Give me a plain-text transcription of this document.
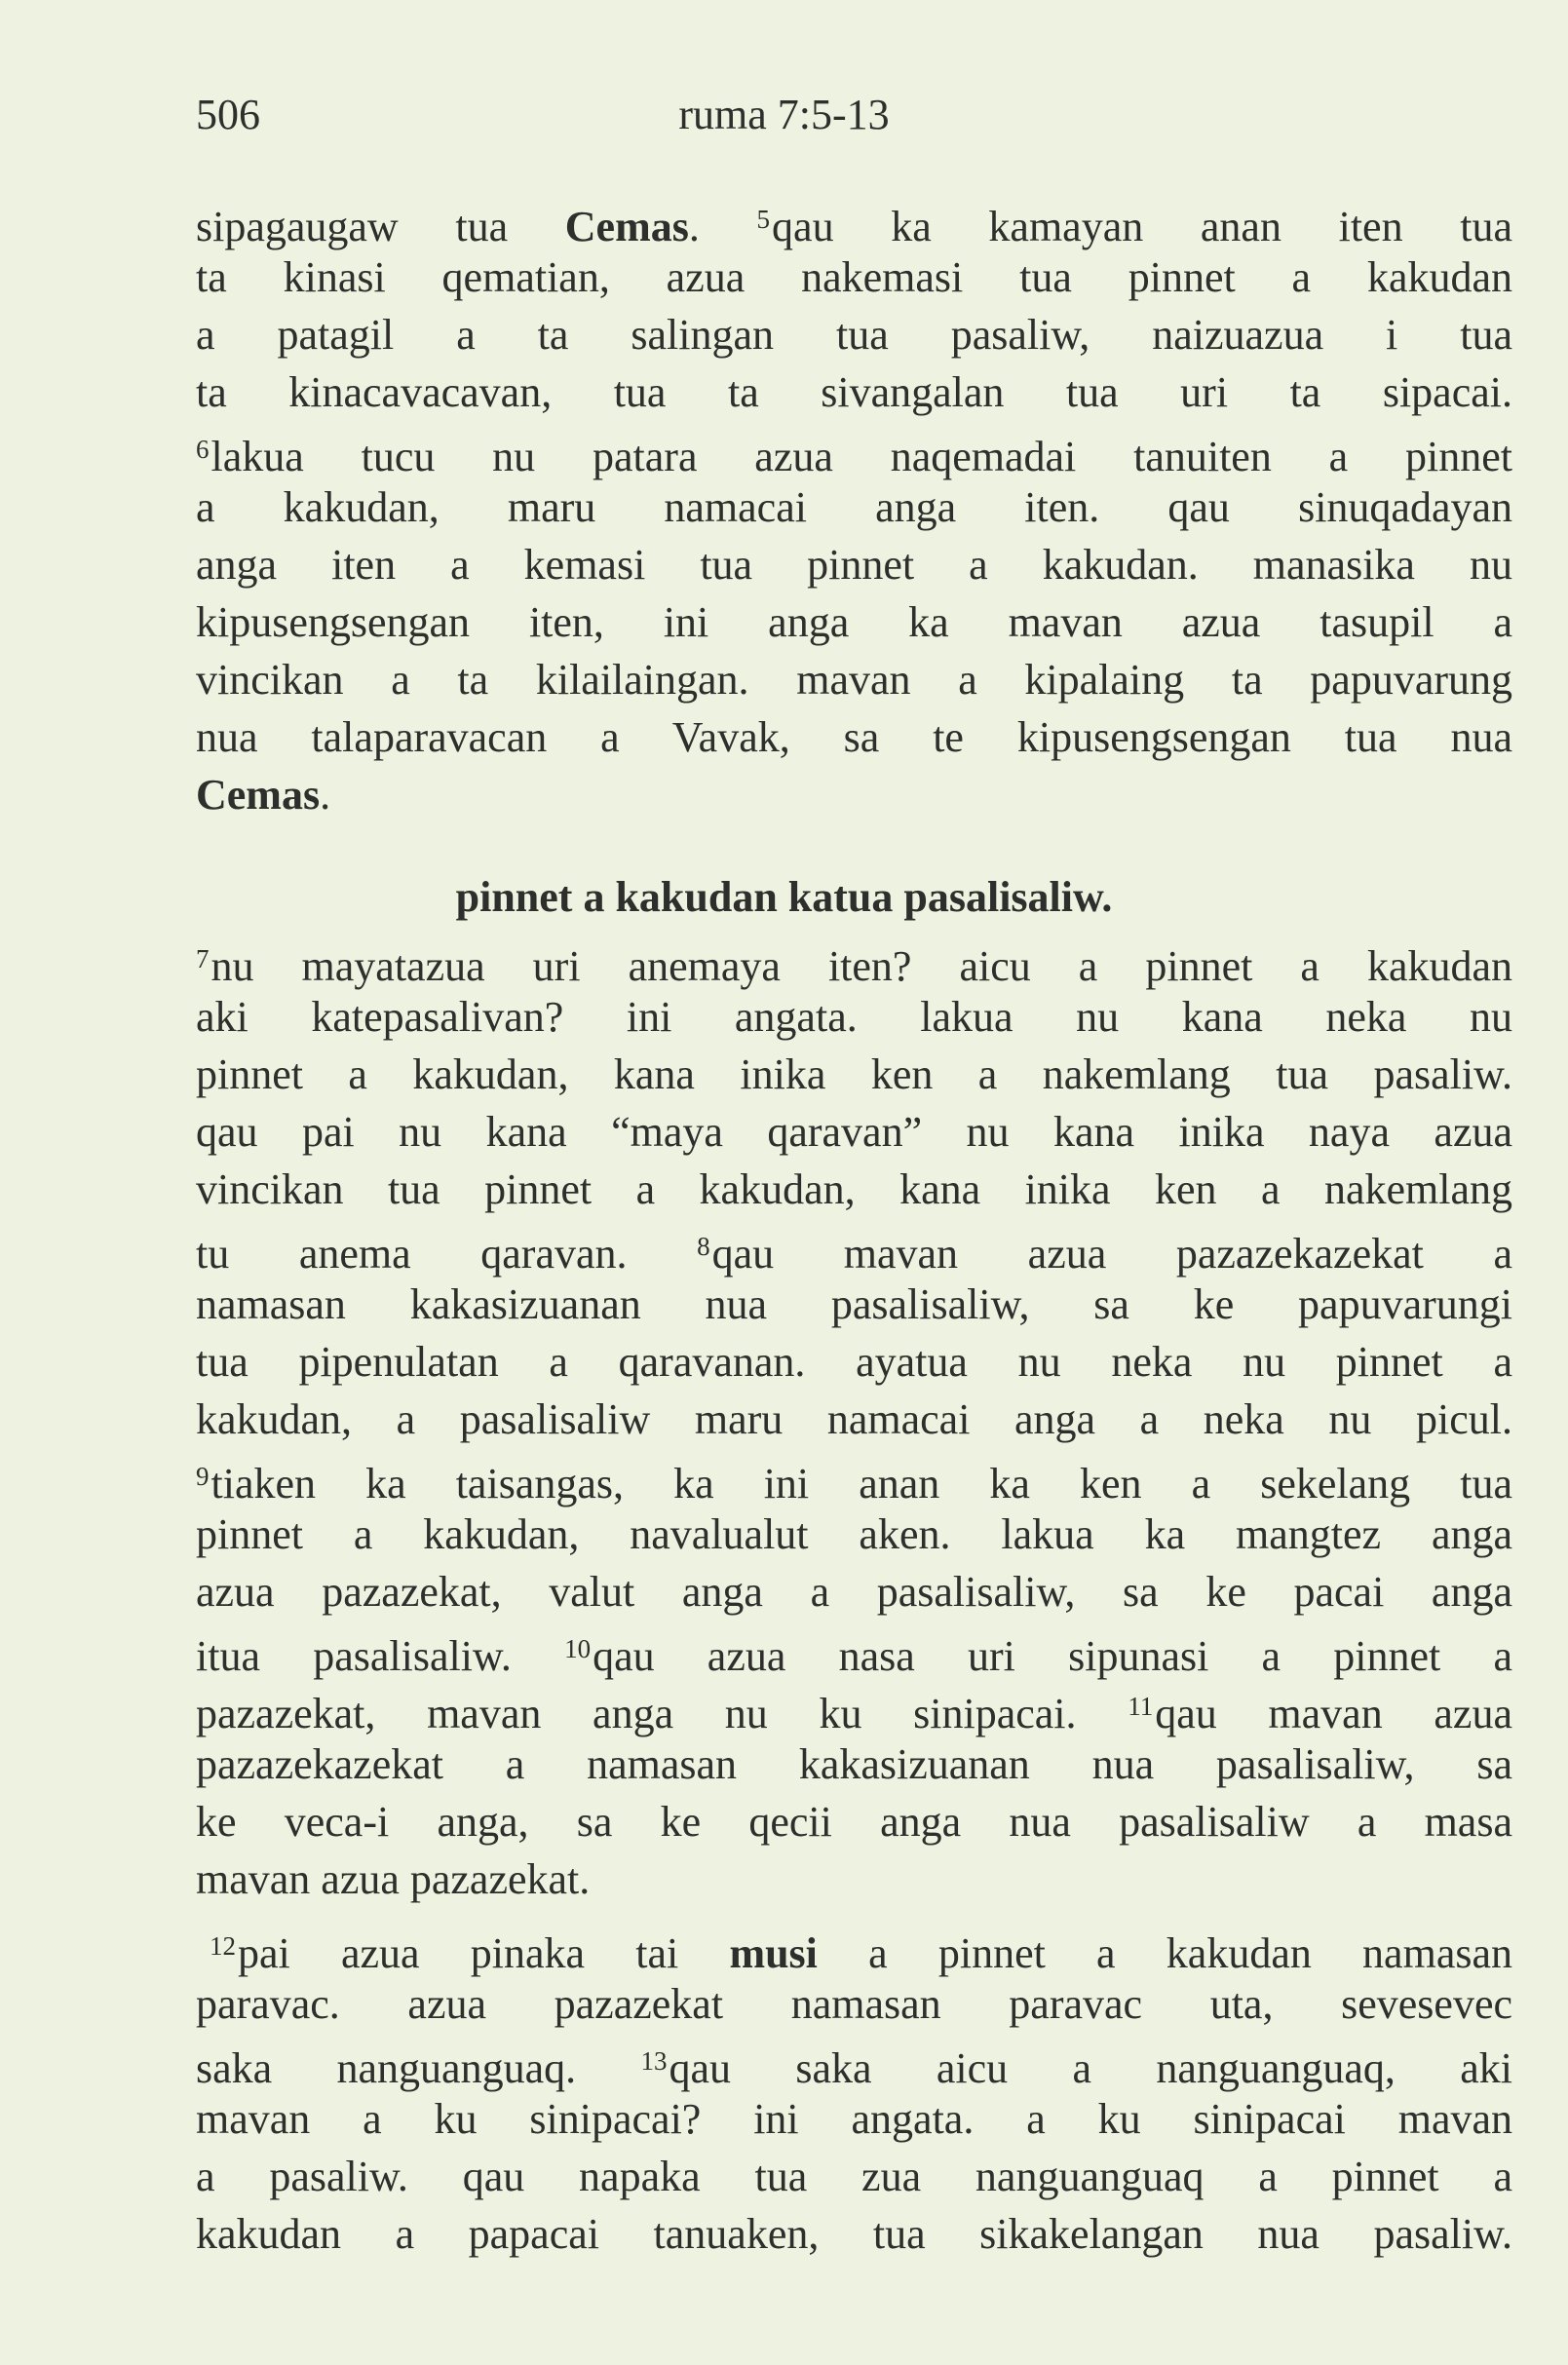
506	ruma 7:5-13
sipagaugaw tua Cemas. $^5$qau ka kamayan anan iten tua
ta kinasi qematian, azua nakemasi tua pinnet a kakudan
a patagil a ta salingan tua pasaliw, naizuazua i tua
ta kinacavacavan, tua ta sivangalan tua uri ta sipacai.
$^6$lakua tucu nu patara azua naqemadai tanuiten a pinnet
a kakudan, maru namacai anga iten. qau sinuqadayan
anga iten a kemasi tua pinnet a kakudan. manasika nu
kipusengsengan iten, ini anga ka mavan azua tasupil a
vincikan a ta kilailaingan. mavan a kipalaing ta papuvarung
nua talaparavacan a Vavak, sa te kipusengsengan tua nua
Cemas.
pinnet a kakudan katua pasalisaliw.
$^7$nu mayatazua uri anemaya iten? aicu a pinnet a kakudan
aki katepasalivan? ini angata. lakua nu kana neka nu
pinnet a kakudan, kana inika ken a nakemlang tua pasaliw.
qau pai nu kana “maya qaravan” nu kana inika naya azua
vincikan tua pinnet a kakudan, kana inika ken a nakemlang
tu anema qaravan. $^8$qau mavan azua pazazekazekat a
namasan kakasizuanan nua pasalisaliw, sa ke papuvarungi
tua pipenulatan a qaravanan. ayatua nu neka nu pinnet a
kakudan, a pasalisaliw maru namacai anga a neka nu picul.
$^9$tiaken ka taisangas, ka ini anan ka ken a sekelang tua
pinnet a kakudan, navalualut aken. lakua ka mangtez anga
azua pazazekat, valut anga a pasalisaliw, sa ke pacai anga
itua pasalisaliw. $^{10}$qau azua nasa uri sipunasi a pinnet a
pazazekat, mavan anga nu ku sinipacai. $^{11}$qau mavan azua
pazazekazekat a namasan kakasizuanan nua pasalisaliw, sa
ke veca-i anga, sa ke qecii anga nua pasalisaliw a masa
mavan azua pazazekat.
$^{12}$pai azua pinaka tai musi a pinnet a kakudan namasan
paravac. azua pazazekat namasan paravac uta, sevesevec
saka nanguanguaq. $^{13}$qau saka aicu a nanguanguaq, aki
mavan a ku sinipacai? ini angata. a ku sinipacai mavan
a pasaliw. qau napaka tua zua nanguanguaq a pinnet a
kakudan a papacai tanuaken, tua sikakelangan nua pasaliw.
